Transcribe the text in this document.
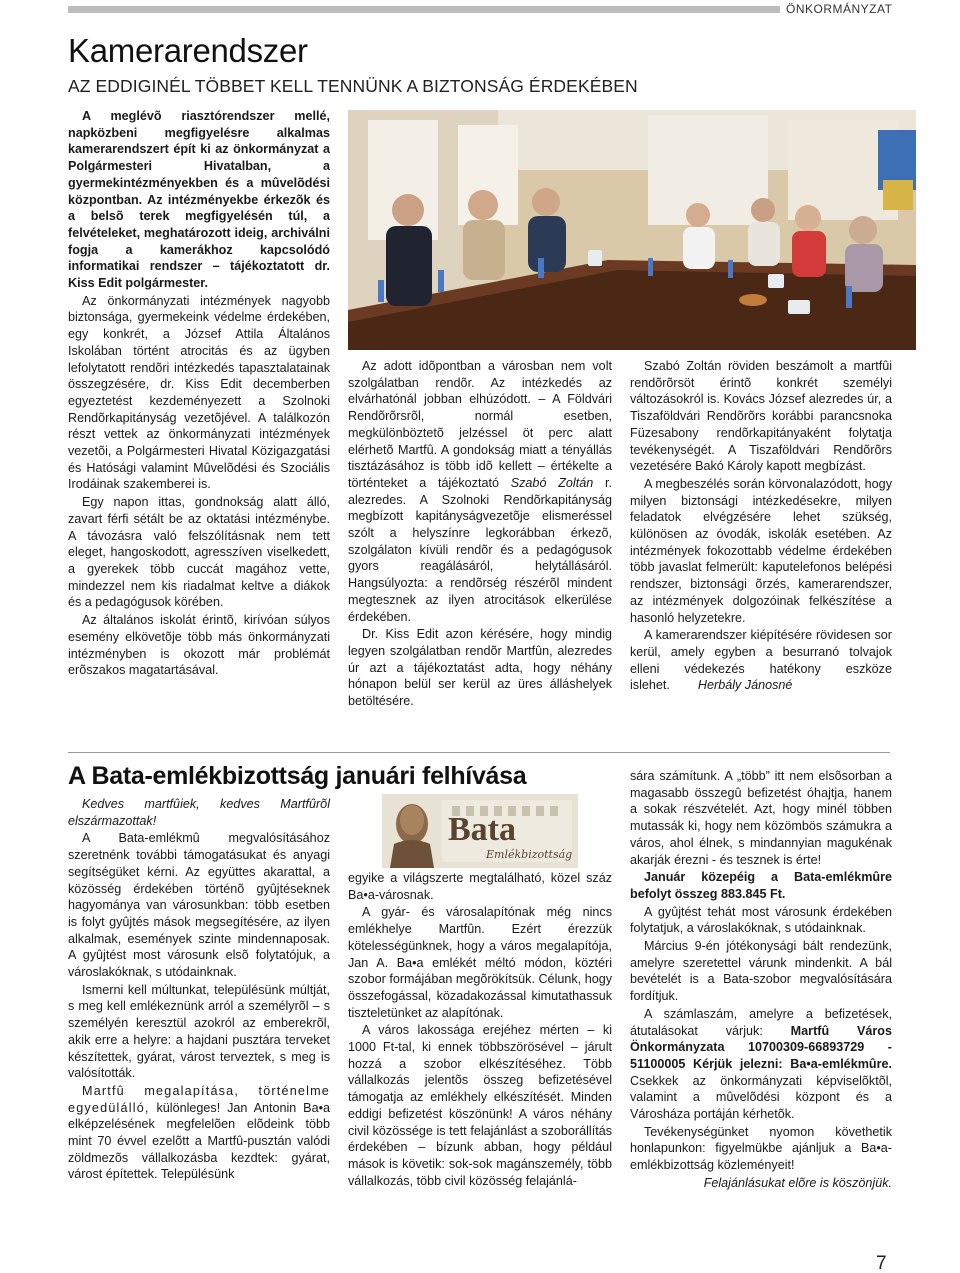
ÖNKORMÁNYZAT
Kamerarendszer
AZ EDDIGINÉL TÖBBET KELL TENNÜNK A BIZTONSÁG ÉRDEKÉBEN

A meglévõ riasztórendszer mellé, napközbeni megfigyelésre alkalmas kamerarendszert épít ki az önkormányzat a Polgármesteri Hivatalban, a gyermekintézményekben és a mûvelõdési központban. Az intézményekbe érkezõk és a belsõ terek megfigyelésén túl, a felvételeket, meghatározott ideig, archiválni fogja a kamerákhoz kapcsolódó informatikai rendszer – tájékoztatott dr. Kiss Edit polgármester.

Az önkormányzati intézmények nagyobb biztonsága, gyermekeink védelme érdekében, egy konkrét, a József Attila Általános Iskolában történt atrocitás és az ügyben lefolytatott rendõri intézkedés tapasztalatainak összegzésére, dr. Kiss Edit decemberben egyeztetést kezdeményezett a Szolnoki Rendõrkapitányság vezetõjével. A találkozón részt vettek az önkormányzati intézmények vezetõi, a Polgármesteri Hivatal Közigazgatási és Hatósági valamint Mûvelõdési és Szociális Irodáinak szakemberei is.

Egy napon ittas, gondnokság alatt álló, zavart férfi sétált be az oktatási intézménybe. A távozásra való felszólításnak nem tett eleget, hangoskodott, agresszíven viselkedett, a gyerekek több cuccát magához vette, mindezzel nem kis riadalmat keltve a diákok és a pedagógusok körében.

Az általános iskolát érintõ, kirívóan súlyos esemény elkövetõje több más önkormányzati intézményben is okozott már problémát erõszakos magatartásával.

Az adott idõpontban a városban nem volt szolgálatban rendõr. Az intézkedés az elvárhatónál jobban elhúzódott. – A Földvári Rendõrõrsrõl, normál esetben, megkülönböztetõ jelzéssel öt perc alatt elérhetõ Martfû. A gondokság miatt a tényállás tisztázásához is több idõ kellett – értékelte a történteket a tájékoztató Szabó Zoltán r. alezredes. A Szolnoki Rendõrkapitányság megbízott kapitányságvezetõje elismeréssel szólt a helyszínre legkorábban érkezõ, szolgálaton kívüli rendõr és a pedagógusok gyors reagálásáról, helytállásáról. Hangsúlyozta: a rendõrség részérõl mindent megtesznek az ilyen atrocitások elkerülése érdekében.

Dr. Kiss Edit azon kérésére, hogy mindig legyen szolgálatban rendõr Martfûn, alezredes úr azt a tájékoztatást adta, hogy néhány hónapon belül ser kerül az üres álláshelyek betöltésére.

Szabó Zoltán röviden beszámolt a martfûi rendõrõrsöt érintõ konkrét személyi változásokról is. Kovács József alezredes úr, a Tiszaföldvári Rendõrõrs korábbi parancsnoka Füzesabony rendõrkapitányaként folytatja tevékenységét. A Tiszaföldvári Rendõrõrs vezetésére Bakó Károly kapott megbízást.

A megbeszélés során körvonalazódott, hogy milyen biztonsági intézkedésekre, milyen feladatok elvégzésére lehet szükség, különösen az óvodák, iskolák esetében. Az intézmények fokozottabb védelme érdekében több javaslat felmerült: kaputelefonos belépési rendszer, biztonsági õrzés, kamerarendszer, az intézmények dolgozóinak felkészítése a hasonló helyzetekre.

A kamerarendszer kiépítésére rövidesen sor kerül, amely egyben a besurranó tolvajok elleni védekezés hatékony eszköze islehet. Herbály Jánosné

A Bata-emlékbizottság januári felhívása

Kedves martfûiek, kedves Martfûrõl elszármazottak!

A Bata-emlékmû megvalósításához szeretnénk további támogatásukat és anyagi segítségüket kérni. Az együttes akarattal, a közösség érdekében történõ gyûjtéseknek hagyománya van városunkban: több esetben is folyt gyûjtés mások megsegítésére, az ilyen alkalmak, események szinte mindennaposak. A gyûjtést most városunk elsõ folytatójuk, a városlakóknak, s utódainknak.

Ismerni kell múltunkat, településünk múltját, s meg kell emlékeznünk arról a személyrõl – s személyén keresztül azokról az emberekrõl, akik erre a helyre: a hajdani pusztára terveket készítettek, gyárat, várost terveztek, s meg is valósították.

Martfû megalapítása, történelme egyedülálló, különleges! Jan Antonin Ba•a elképzelésének megfelelõen elõdeink több mint 70 évvel ezelõtt a Martfû-pusztán valódi zöldmezõs vállalkozásba kezdtek: gyárat, várost építettek. Településünk

Bata
Emlékbizottság

egyike a világszerte megtalálható, közel száz Ba•a-városnak.

A gyár- és városalapítónak még nincs emlékhelye Martfûn. Ezért érezzük kötelességünknek, hogy a város megalapítója, Jan A. Ba•a emlékét méltó módon, köztéri szobor formájában megõrökítsük. Célunk, hogy összefogással, közadakozással kimutathassuk tiszteletünket az alapítónak.

A város lakossága erejéhez mérten – ki 1000 Ft-tal, ki ennek többszörösével – járult hozzá a szobor elkészítéséhez. Több vállalkozás jelentõs összeg befizetésével támogatja az emlékhely elkészítését. Minden eddigi befizetést köszönünk! A város néhány civil közössége is tett felajánlást a szoborállítás érdekében – bízunk abban, hogy például mások is követik: sok-sok magánszemély, több vállalkozás, több civil közösség felajánlá-

sára számítunk. A „több” itt nem elsõsorban a magasabb összegû befizetést óhajtja, hanem a sokak részvételét. Azt, hogy minél többen mutassák ki, hogy nem közömbös számukra a város, ahol élnek, s mindannyian magukénak akarják érezni - és tesznek is érte!

Január közepéig a Bata-emlékmûre befolyt összeg 883.845 Ft.

A gyûjtést tehát most városunk érdekében folytatjuk, a városlakóknak, s utódainknak.

Március 9-én jótékonysági bált rendezünk, amelyre szeretettel várunk mindenkit. A bál bevételét is a Bata-szobor megvalósítására fordítjuk.

A számlaszám, amelyre a befizetések, átutalásokat várjuk: Martfû Város Önkormányzata 10700309-66893729 - 51100005 Kérjük jelezni: Ba•a-emlékmûre. Csekkek az önkormányzati képviselõktõl, valamint a mûvelõdési központ és a Városháza portáján kérhetõk.

Tevékenységünket nyomon követhetik honlapunkon: figyelmükbe ajánljuk a Ba•a-emlékbizottság közleményeit!

Felajánlásukat elõre is köszönjük.

7
